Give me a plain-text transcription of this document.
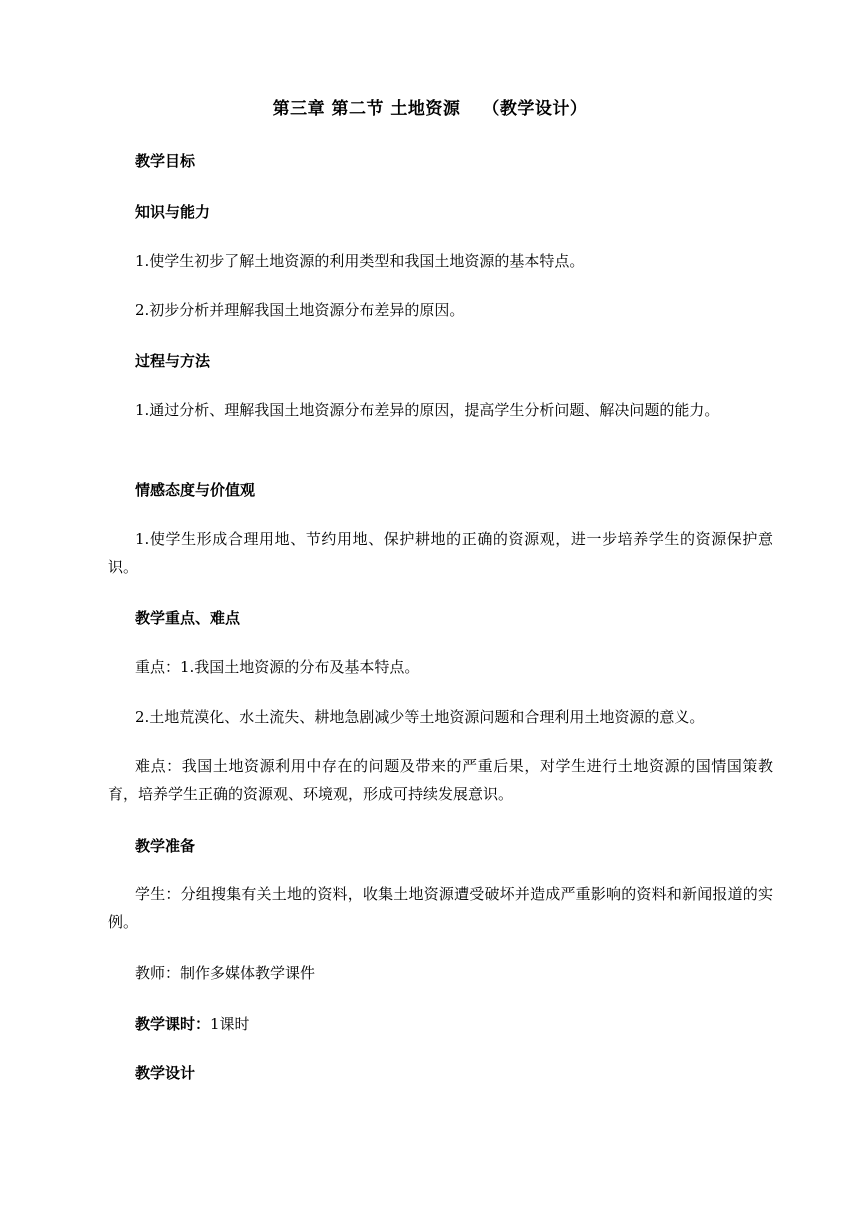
第三章 第二节 土地资源 （教学设计）
教学目标
知识与能力
1.使学生初步了解土地资源的利用类型和我国土地资源的基本特点。
2.初步分析并理解我国土地资源分布差异的原因。
过程与方法
1.通过分析、理解我国土地资源分布差异的原因，提高学生分析问题、解决问题的能力。
情感态度与价值观
1.使学生形成合理用地、节约用地、保护耕地的正确的资源观，进一步培养学生的资源保护意识。
教学重点、难点
重点：1.我国土地资源的分布及基本特点。
2.土地荒漠化、水土流失、耕地急剧减少等土地资源问题和合理利用土地资源的意义。
难点：我国土地资源利用中存在的问题及带来的严重后果，对学生进行土地资源的国情国策教育，培养学生正确的资源观、环境观，形成可持续发展意识。
教学准备
学生：分组搜集有关土地的资料，收集土地资源遭受破坏并造成严重影响的资料和新闻报道的实例。
教师：制作多媒体教学课件
教学课时：1课时
教学设计
